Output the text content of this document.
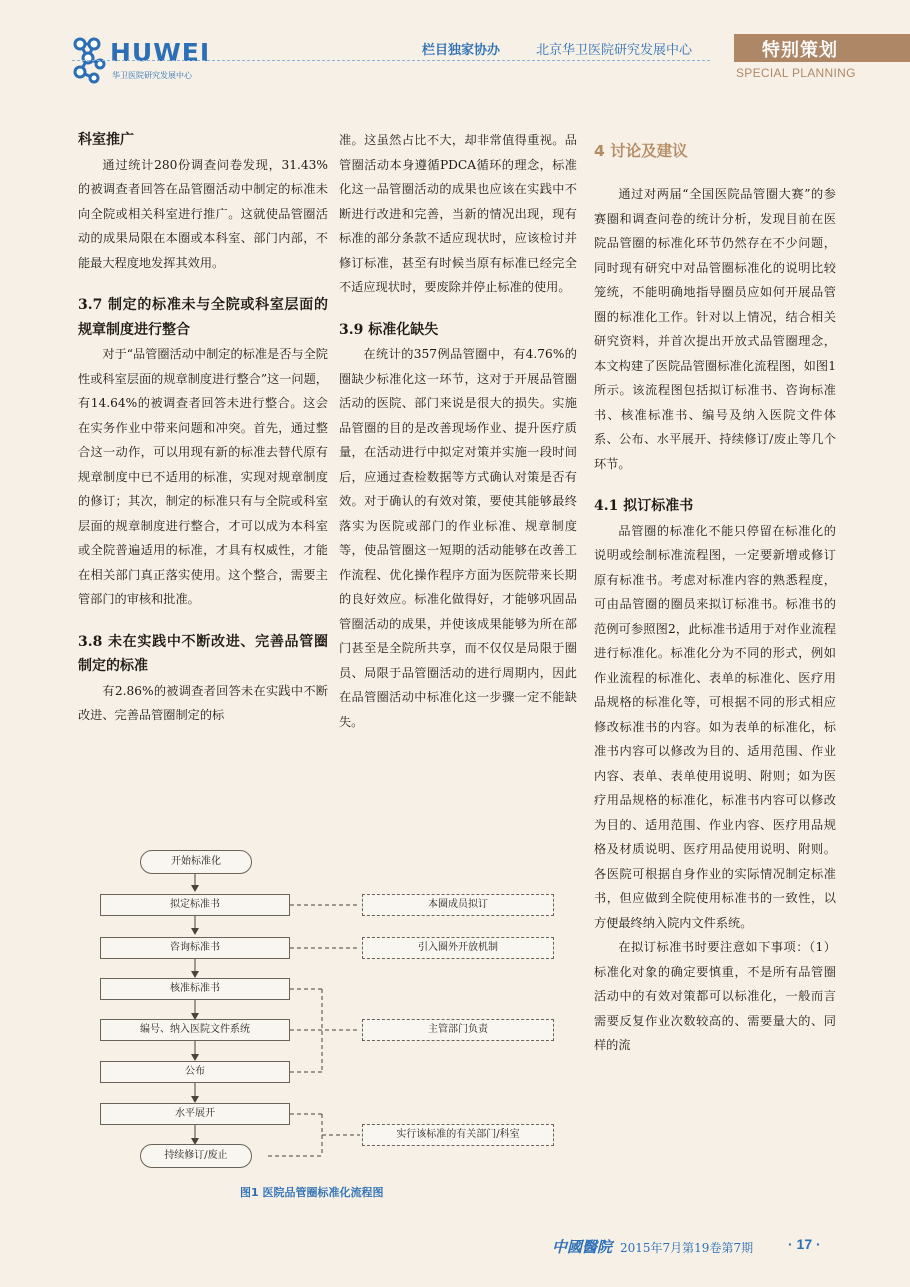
HUWEI
华卫医院研究发展中心
栏目独家协办	北京华卫医院研究发展中心	特别策划
SPECIAL PLANNING
科室推广

通过统计280份调查问卷发现，31.43%的被调查者回答在品管圈活动中制定的标准未向全院或相关科室进行推广。这就使品管圈活动的成果局限在本圈或本科室、部门内部，不能最大程度地发挥其效用。

3.7 制定的标准未与全院或科室层面的规章制度进行整合

对于“品管圈活动中制定的标准是否与全院性或科室层面的规章制度进行整合”这一问题，有14.64%的被调查者回答未进行整合。这会在实务作业中带来问题和冲突。首先，通过整合这一动作，可以用现有新的标准去替代原有规章制度中已不适用的标准，实现对规章制度的修订；其次，制定的标准只有与全院或科室层面的规章制度进行整合，才可以成为本科室或全院普遍适用的标准，才具有权威性，才能在相关部门真正落实使用。这个整合，需要主管部门的审核和批准。

3.8 未在实践中不断改进、完善品管圈制定的标准

有2.86%的被调查者回答未在实践中不断改进、完善品管圈制定的标

准。这虽然占比不大，却非常值得重视。品管圈活动本身遵循PDCA循环的理念，标准化这一品管圈活动的成果也应该在实践中不断进行改进和完善，当新的情况出现，现有标准的部分条款不适应现状时，应该检讨并修订标准，甚至有时候当原有标准已经完全不适应现状时，要废除并停止标准的使用。

3.9 标准化缺失

在统计的357例品管圈中，有4.76%的圈缺少标准化这一环节，这对于开展品管圈活动的医院、部门来说是很大的损失。实施品管圈的目的是改善现场作业、提升医疗质量，在活动进行中拟定对策并实施一段时间后，应通过查检数据等方式确认对策是否有效。对于确认的有效对策，要使其能够最终落实为医院或部门的作业标准、规章制度等，使品管圈这一短期的活动能够在改善工作流程、优化操作程序方面为医院带来长期的良好效应。标准化做得好，才能够巩固品管圈活动的成果，并使该成果能够为所在部门甚至是全院所共享，而不仅仅是局限于圈员、局限于品管圈活动的进行周期内，因此在品管圈活动中标准化这一步骤一定不能缺失。

4 讨论及建议

通过对两届“全国医院品管圈大赛”的参赛圈和调查问卷的统计分析，发现目前在医院品管圈的标准化环节仍然存在不少问题，同时现有研究中对品管圈标准化的说明比较笼统，不能明确地指导圈员应如何开展品管圈的标准化工作。针对以上情况，结合相关研究资料，并首次提出开放式品管圈理念，本文构建了医院品管圈标准化流程图，如图1所示。该流程图包括拟订标准书、咨询标准书、核准标准书、编号及纳入医院文件体系、公布、水平展开、持续修订/废止等几个环节。

4.1 拟订标准书

品管圈的标准化不能只停留在标准化的说明或绘制标准流程图，一定要新增或修订原有标准书。考虑对标准内容的熟悉程度，可由品管圈的圈员来拟订标准书。标准书的范例可参照图2，此标准书适用于对作业流程进行标准化。标准化分为不同的形式，例如作业流程的标准化、表单的标准化、医疗用品规格的标准化等，可根据不同的形式相应修改标准书的内容。如为表单的标准化，标准书内容可以修改为目的、适用范围、作业内容、表单、表单使用说明、附则；如为医疗用品规格的标准化，标准书内容可以修改为目的、适用范围、作业内容、医疗用品规格及材质说明、医疗用品使用说明、附则。各医院可根据自身作业的实际情况制定标准书，但应做到全院使用标准书的一致性，以方便最终纳入院内文件系统。

在拟订标准书时要注意如下事项：（1）标准化对象的确定要慎重，不是所有品管圈活动中的有效对策都可以标准化，一般而言需要反复作业次数较高的、需要量大的、同样的流

开始标准化
拟定标准书
咨询标准书
核准标准书
编号、纳入医院文件系统
公布
水平展开
持续修订/废止
本圈成员拟订
引入圈外开放机制
主管部门负责
实行该标准的有关部门/科室
图1 医院品管圈标准化流程图
中國醫院 2015年7月第19卷第7期 · 17 ·
